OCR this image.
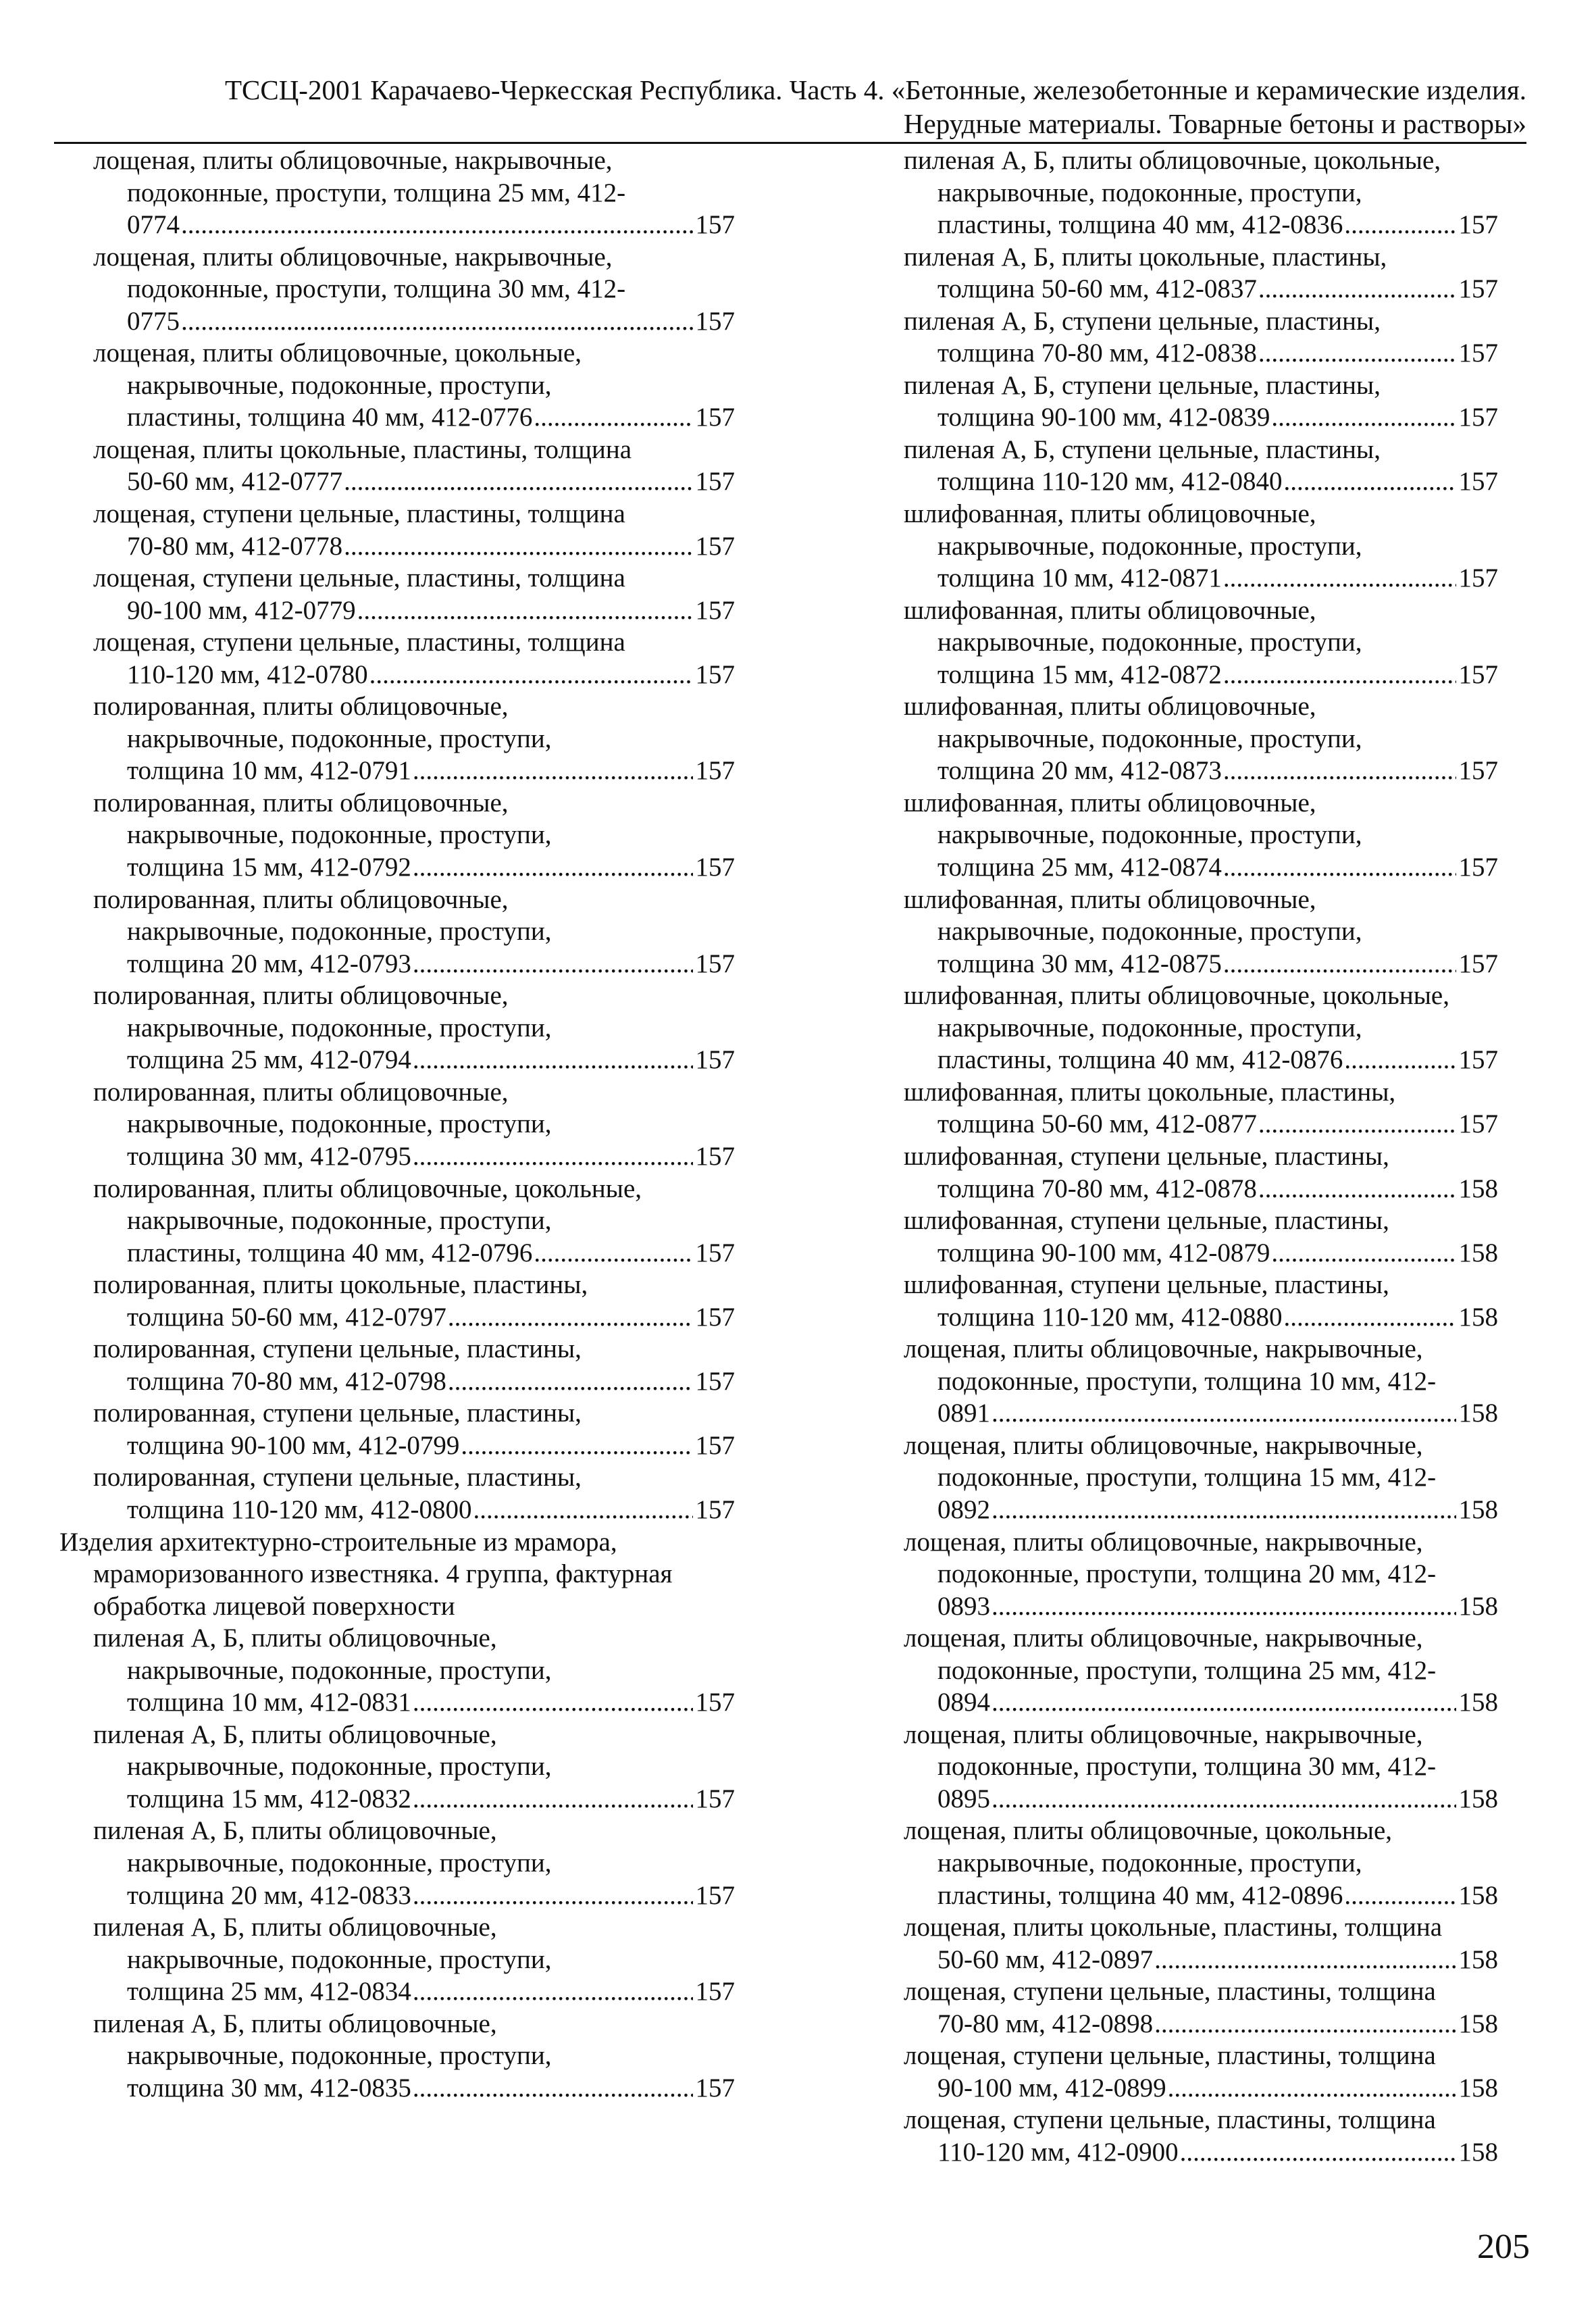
ТССЦ-2001 Карачаево-Черкесская Республика. Часть 4. «Бетонные, железобетонные и керамические изделия.
Нерудные материалы. Товарные бетоны и растворы»
лощеная, плиты облицовочные, накрывочные,
подоконные, проступи, толщина 25 мм, 412-
0774 .....	157
лощеная, плиты облицовочные, накрывочные,
подоконные, проступи, толщина 30 мм, 412-
0775 .....	157
лощеная, плиты облицовочные, цокольные,
накрывочные, подоконные, проступи,
пластины, толщина 40 мм, 412-0776 .....	157
лощеная, плиты цокольные, пластины, толщина
50-60 мм, 412-0777 .....	157
лощеная, ступени цельные, пластины, толщина
70-80 мм, 412-0778 .....	157
лощеная, ступени цельные, пластины, толщина
90-100 мм, 412-0779 .....	157
лощеная, ступени цельные, пластины, толщина
110-120 мм, 412-0780 .....	157
полированная, плиты облицовочные,
накрывочные, подоконные, проступи,
толщина 10 мм, 412-0791 .....	157
полированная, плиты облицовочные,
накрывочные, подоконные, проступи,
толщина 15 мм, 412-0792 .....	157
полированная, плиты облицовочные,
накрывочные, подоконные, проступи,
толщина 20 мм, 412-0793 .....	157
полированная, плиты облицовочные,
накрывочные, подоконные, проступи,
толщина 25 мм, 412-0794 .....	157
полированная, плиты облицовочные,
накрывочные, подоконные, проступи,
толщина 30 мм, 412-0795 .....	157
полированная, плиты облицовочные, цокольные,
накрывочные, подоконные, проступи,
пластины, толщина 40 мм, 412-0796 .....	157
полированная, плиты цокольные, пластины,
толщина 50-60 мм, 412-0797 .....	157
полированная, ступени цельные, пластины,
толщина 70-80 мм, 412-0798 .....	157
полированная, ступени цельные, пластины,
толщина 90-100 мм, 412-0799 .....	157
полированная, ступени цельные, пластины,
толщина 110-120 мм, 412-0800 .....	157
Изделия архитектурно-строительные из мрамора,
мраморизованного известняка. 4 группа, фактурная
обработка лицевой поверхности
пиленая А, Б, плиты облицовочные,
накрывочные, подоконные, проступи,
толщина 10 мм, 412-0831 .....	157
пиленая А, Б, плиты облицовочные,
накрывочные, подоконные, проступи,
толщина 15 мм, 412-0832 .....	157
пиленая А, Б, плиты облицовочные,
накрывочные, подоконные, проступи,
толщина 20 мм, 412-0833 .....	157
пиленая А, Б, плиты облицовочные,
накрывочные, подоконные, проступи,
толщина 25 мм, 412-0834 .....	157
пиленая А, Б, плиты облицовочные,
накрывочные, подоконные, проступи,
толщина 30 мм, 412-0835 .....	157
пиленая А, Б, плиты облицовочные, цокольные,
накрывочные, подоконные, проступи,
пластины, толщина 40 мм, 412-0836 .....	157
пиленая А, Б, плиты цокольные, пластины,
толщина 50-60 мм, 412-0837 .....	157
пиленая А, Б, ступени цельные, пластины,
толщина 70-80 мм, 412-0838 .....	157
пиленая А, Б, ступени цельные, пластины,
толщина 90-100 мм, 412-0839 .....	157
пиленая А, Б, ступени цельные, пластины,
толщина 110-120 мм, 412-0840 .....	157
шлифованная, плиты облицовочные,
накрывочные, подоконные, проступи,
толщина 10 мм, 412-0871 .....	157
шлифованная, плиты облицовочные,
накрывочные, подоконные, проступи,
толщина 15 мм, 412-0872 .....	157
шлифованная, плиты облицовочные,
накрывочные, подоконные, проступи,
толщина 20 мм, 412-0873 .....	157
шлифованная, плиты облицовочные,
накрывочные, подоконные, проступи,
толщина 25 мм, 412-0874 .....	157
шлифованная, плиты облицовочные,
накрывочные, подоконные, проступи,
толщина 30 мм, 412-0875 .....	157
шлифованная, плиты облицовочные, цокольные,
накрывочные, подоконные, проступи,
пластины, толщина 40 мм, 412-0876 .....	157
шлифованная, плиты цокольные, пластины,
толщина 50-60 мм, 412-0877 .....	157
шлифованная, ступени цельные, пластины,
толщина 70-80 мм, 412-0878 .....	158
шлифованная, ступени цельные, пластины,
толщина 90-100 мм, 412-0879 .....	158
шлифованная, ступени цельные, пластины,
толщина 110-120 мм, 412-0880 .....	158
лощеная, плиты облицовочные, накрывочные,
подоконные, проступи, толщина 10 мм, 412-
0891 .....	158
лощеная, плиты облицовочные, накрывочные,
подоконные, проступи, толщина 15 мм, 412-
0892 .....	158
лощеная, плиты облицовочные, накрывочные,
подоконные, проступи, толщина 20 мм, 412-
0893 .....	158
лощеная, плиты облицовочные, накрывочные,
подоконные, проступи, толщина 25 мм, 412-
0894 .....	158
лощеная, плиты облицовочные, накрывочные,
подоконные, проступи, толщина 30 мм, 412-
0895 .....	158
лощеная, плиты облицовочные, цокольные,
накрывочные, подоконные, проступи,
пластины, толщина 40 мм, 412-0896 .....	158
лощеная, плиты цокольные, пластины, толщина
50-60 мм, 412-0897 .....	158
лощеная, ступени цельные, пластины, толщина
70-80 мм, 412-0898 .....	158
лощеная, ступени цельные, пластины, толщина
90-100 мм, 412-0899 .....	158
лощеная, ступени цельные, пластины, толщина
110-120 мм, 412-0900 .....	158
205
